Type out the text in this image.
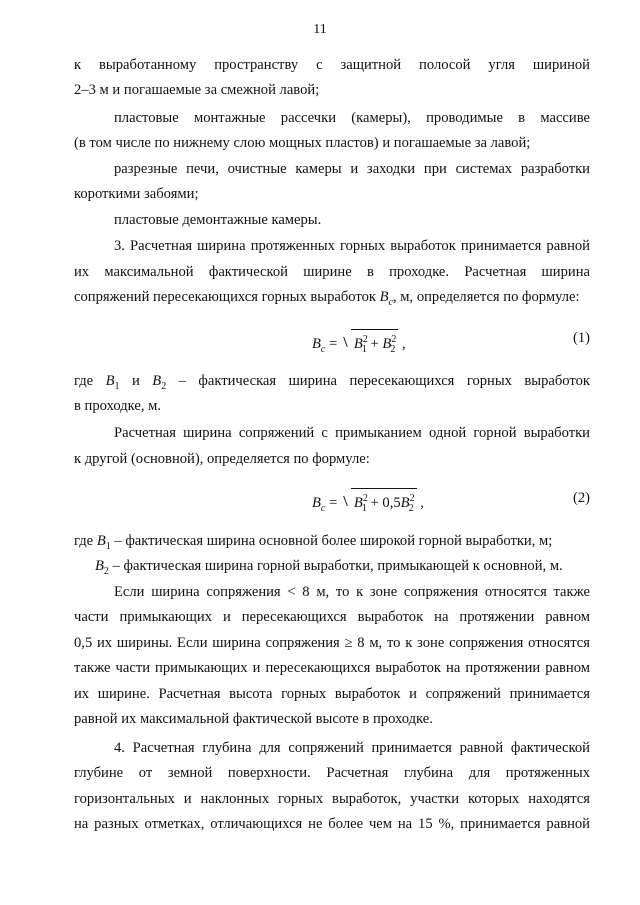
11
к выработанному пространству с защитной полосой угля шириной
2–3 м и погашаемые за смежной лавой;
пластовые монтажные рассечки (камеры), проводимые в массиве
(в том числе по нижнему слою мощных пластов) и погашаемые за лавой;
разрезные печи, очистные камеры и заходки при системах разработки
короткими забоями;
пластовые демонтажные камеры.
3. Расчетная ширина протяженных горных выработок принимается равной
их максимальной фактической ширине в проходке. Расчетная ширина
сопряжений пересекающихся горных выработок $B_c$, м, определяется по формуле:
$B_c = B^2_1 + B^2_2$ ,	(1)
где $B_1$ и $B_2$ – фактическая ширина пересекающихся горных выработок
в проходке, м.
Расчетная ширина сопряжений с примыканием одной горной выработки
к другой (основной), определяется по формуле:
$B_c = B^2_1 + 0,5B^2_2$ ,	(2)
где $B_1$ – фактическая ширина основной более широкой горной выработки, м;
$B_2$ – фактическая ширина горной выработки, примыкающей к основной, м.
Если ширина сопряжения < 8 м, то к зоне сопряжения относятся также
части примыкающих и пересекающихся выработок на протяжении равном
0,5 их ширины. Если ширина сопряжения ≥ 8 м, то к зоне сопряжения относятся
также части примыкающих и пересекающихся выработок на протяжении равном
их ширине. Расчетная высота горных выработок и сопряжений принимается
равной их максимальной фактической высоте в проходке.
4. Расчетная глубина для сопряжений принимается равной фактической
глубине от земной поверхности. Расчетная глубина для протяженных
горизонтальных и наклонных горных выработок, участки которых находятся
на разных отметках, отличающихся не более чем на 15 %, принимается равной
